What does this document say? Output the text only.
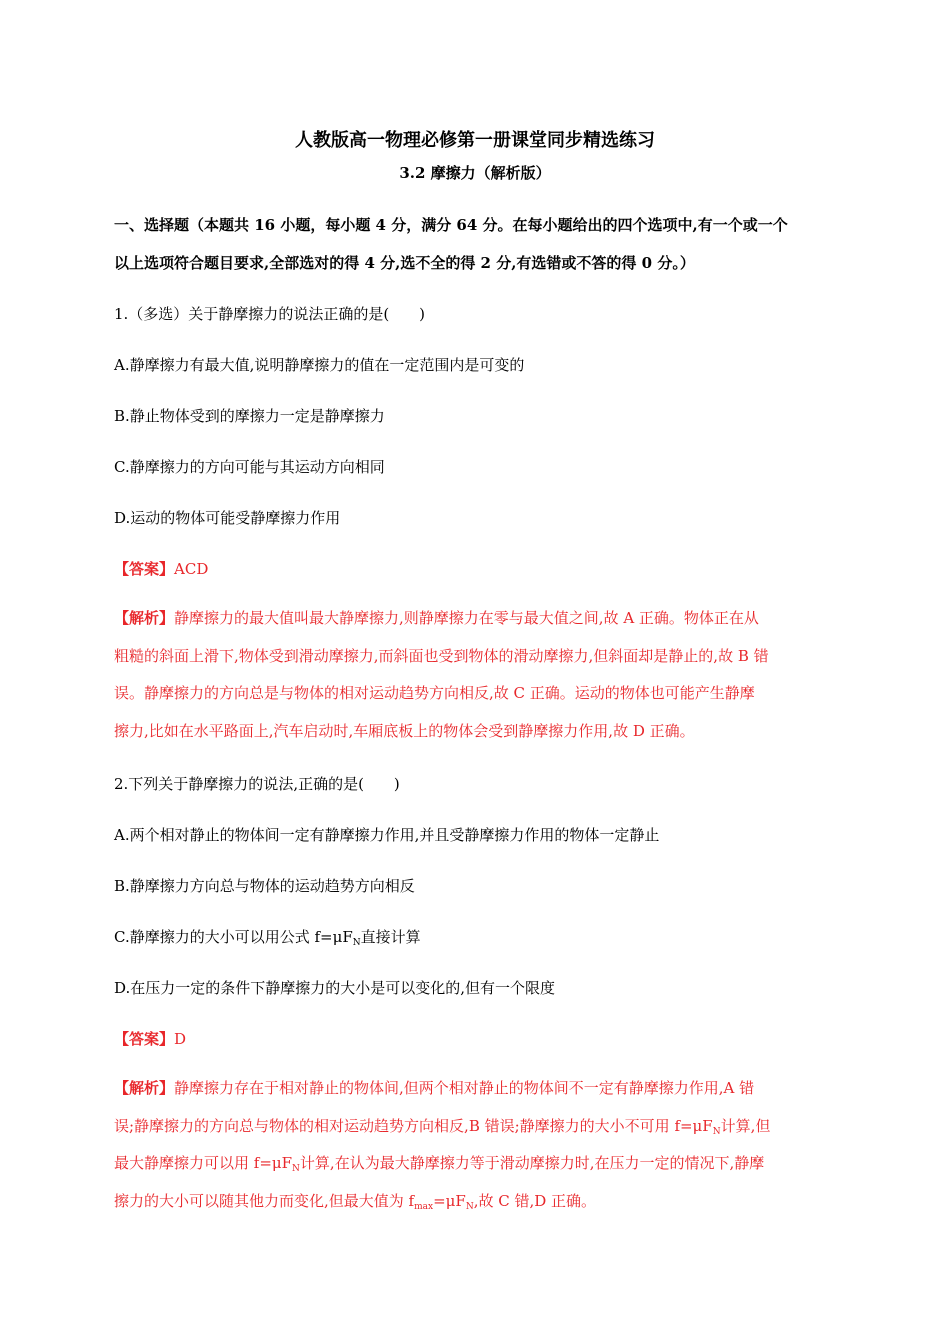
人教版高一物理必修第一册课堂同步精选练习
3.2 摩擦力（解析版）
一、选择题（本题共 16 小题，每小题 4 分，满分 64 分。在每小题给出的四个选项中,有一个或一个
以上选项符合题目要求,全部选对的得 4 分,选不全的得 2 分,有选错或不答的得 0 分。）
1.（多选）关于静摩擦力的说法正确的是(　　)
A.静摩擦力有最大值,说明静摩擦力的值在一定范围内是可变的
B.静止物体受到的摩擦力一定是静摩擦力
C.静摩擦力的方向可能与其运动方向相同
D.运动的物体可能受静摩擦力作用
【答案】ACD
【解析】静摩擦力的最大值叫最大静摩擦力,则静摩擦力在零与最大值之间,故 A 正确。物体正在从
粗糙的斜面上滑下,物体受到滑动摩擦力,而斜面也受到物体的滑动摩擦力,但斜面却是静止的,故 B 错
误。静摩擦力的方向总是与物体的相对运动趋势方向相反,故 C 正确。运动的物体也可能产生静摩
擦力,比如在水平路面上,汽车启动时,车厢底板上的物体会受到静摩擦力作用,故 D 正确。
2.下列关于静摩擦力的说法,正确的是(　　)
A.两个相对静止的物体间一定有静摩擦力作用,并且受静摩擦力作用的物体一定静止
B.静摩擦力方向总与物体的运动趋势方向相反
C.静摩擦力的大小可以用公式 $f=\mu F_N$直接计算
D.在压力一定的条件下静摩擦力的大小是可以变化的,但有一个限度
【答案】D
【解析】静摩擦力存在于相对静止的物体间,但两个相对静止的物体间不一定有静摩擦力作用,A 错
误;静摩擦力的方向总与物体的相对运动趋势方向相反,B 错误;静摩擦力的大小不可用 $f=\mu F_N$计算,但
最大静摩擦力可以用 $f=\mu F_N$计算,在认为最大静摩擦力等于滑动摩擦力时,在压力一定的情况下,静摩
擦力的大小可以随其他力而变化,但最大值为 $f_{max}=\mu F_N$,故 C 错,D 正确。
